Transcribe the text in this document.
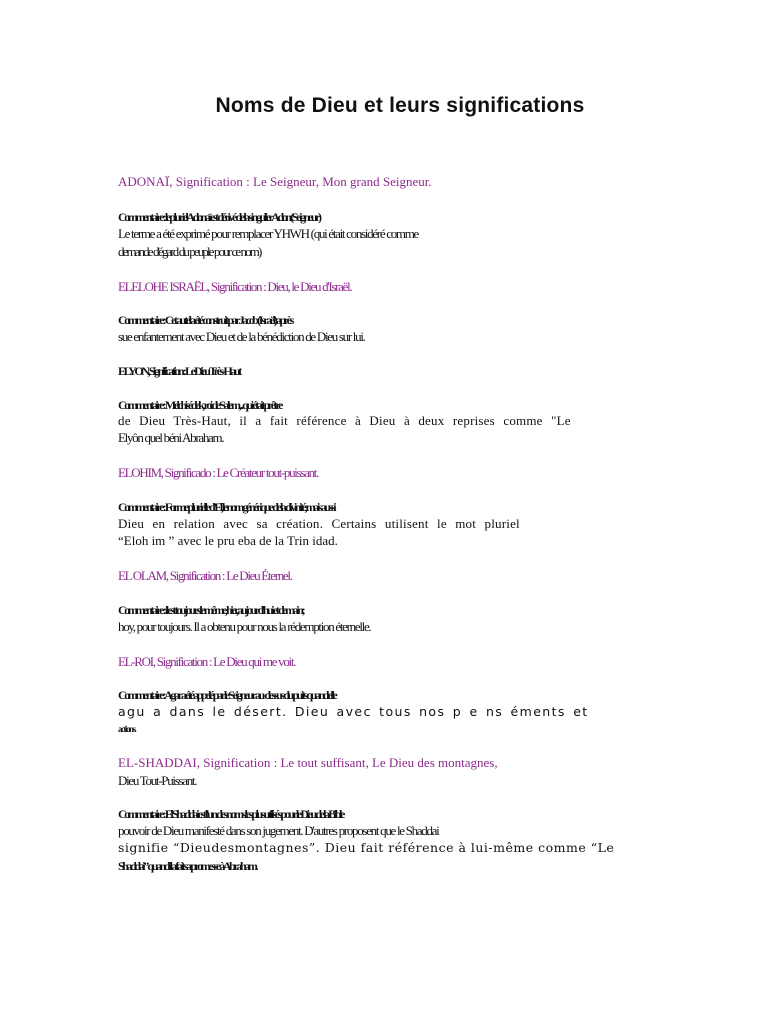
Noms de Dieu et leurs significations
ADONAÏ, Signification : Le Seigneur, Mon grand Seigneur.
Commentaire : le pluriel Adonaï est dérivé de la singulier Adon (Seigneur)
Le terme a été exprimé pour remplacer YHWH (qui était considéré comme
demande d'égard du peuple pour ce nom)
ELELOHE ISRAËL, Signification : Dieu, le Dieu d'Israël.
Commentaire : Cet autel a été construit par Jacob (Israël) après
sue enfantement avec Dieu et de la bénédiction de Dieu sur lui.
ELYON, Signification : Le Dieu Très-Haut
Commentaire : Melchisédek, roi de Salem, ... qui était prêtre
de Dieu Très-Haut, il a fait référence à Dieu à deux reprises comme "Le
Elyôn quel béni Abraham.
ELOHIM, Significado : Le Créateur tout-puissant.
Commentaire : Forme plurielle d'El, le nom générique de la divinité, mais aussi
Dieu en relation avec sa création. Certains utilisent le mot pluriel
“Eloh im ” avec le pru eba de la Trin idad.
EL OLAM, Signification : Le Dieu Éternel.
Commentaire : il est toujours le même, hier, aujourd'hui et demain;
hoy, pour toujours. Il a obtenu pour nous la rédemption éternelle.
EL-ROI, Signification : Le Dieu qui me voit.
Commentaire : Agar a été appelé par le Seigneur au-dessus du puits quand elle
agu a dans le désert. Dieu avec tous nos p e ns éments et
actions.
EL-SHADDAI, Signification : Le tout suffisant, Le Dieu des montagnes,
Dieu Tout-Puissant.
Commentaire : El Shaddai est l'un des noms les plus utilisés pour le Dieu de la Bible
pouvoir de Dieu manifesté dans son jugement. D'autres proposent que le Shaddai
signifie “Dieudesmontagnes”. Dieu fait référence à lui-même comme “Le
Shaddai” quand il a fait sa promesse à Abraham.
